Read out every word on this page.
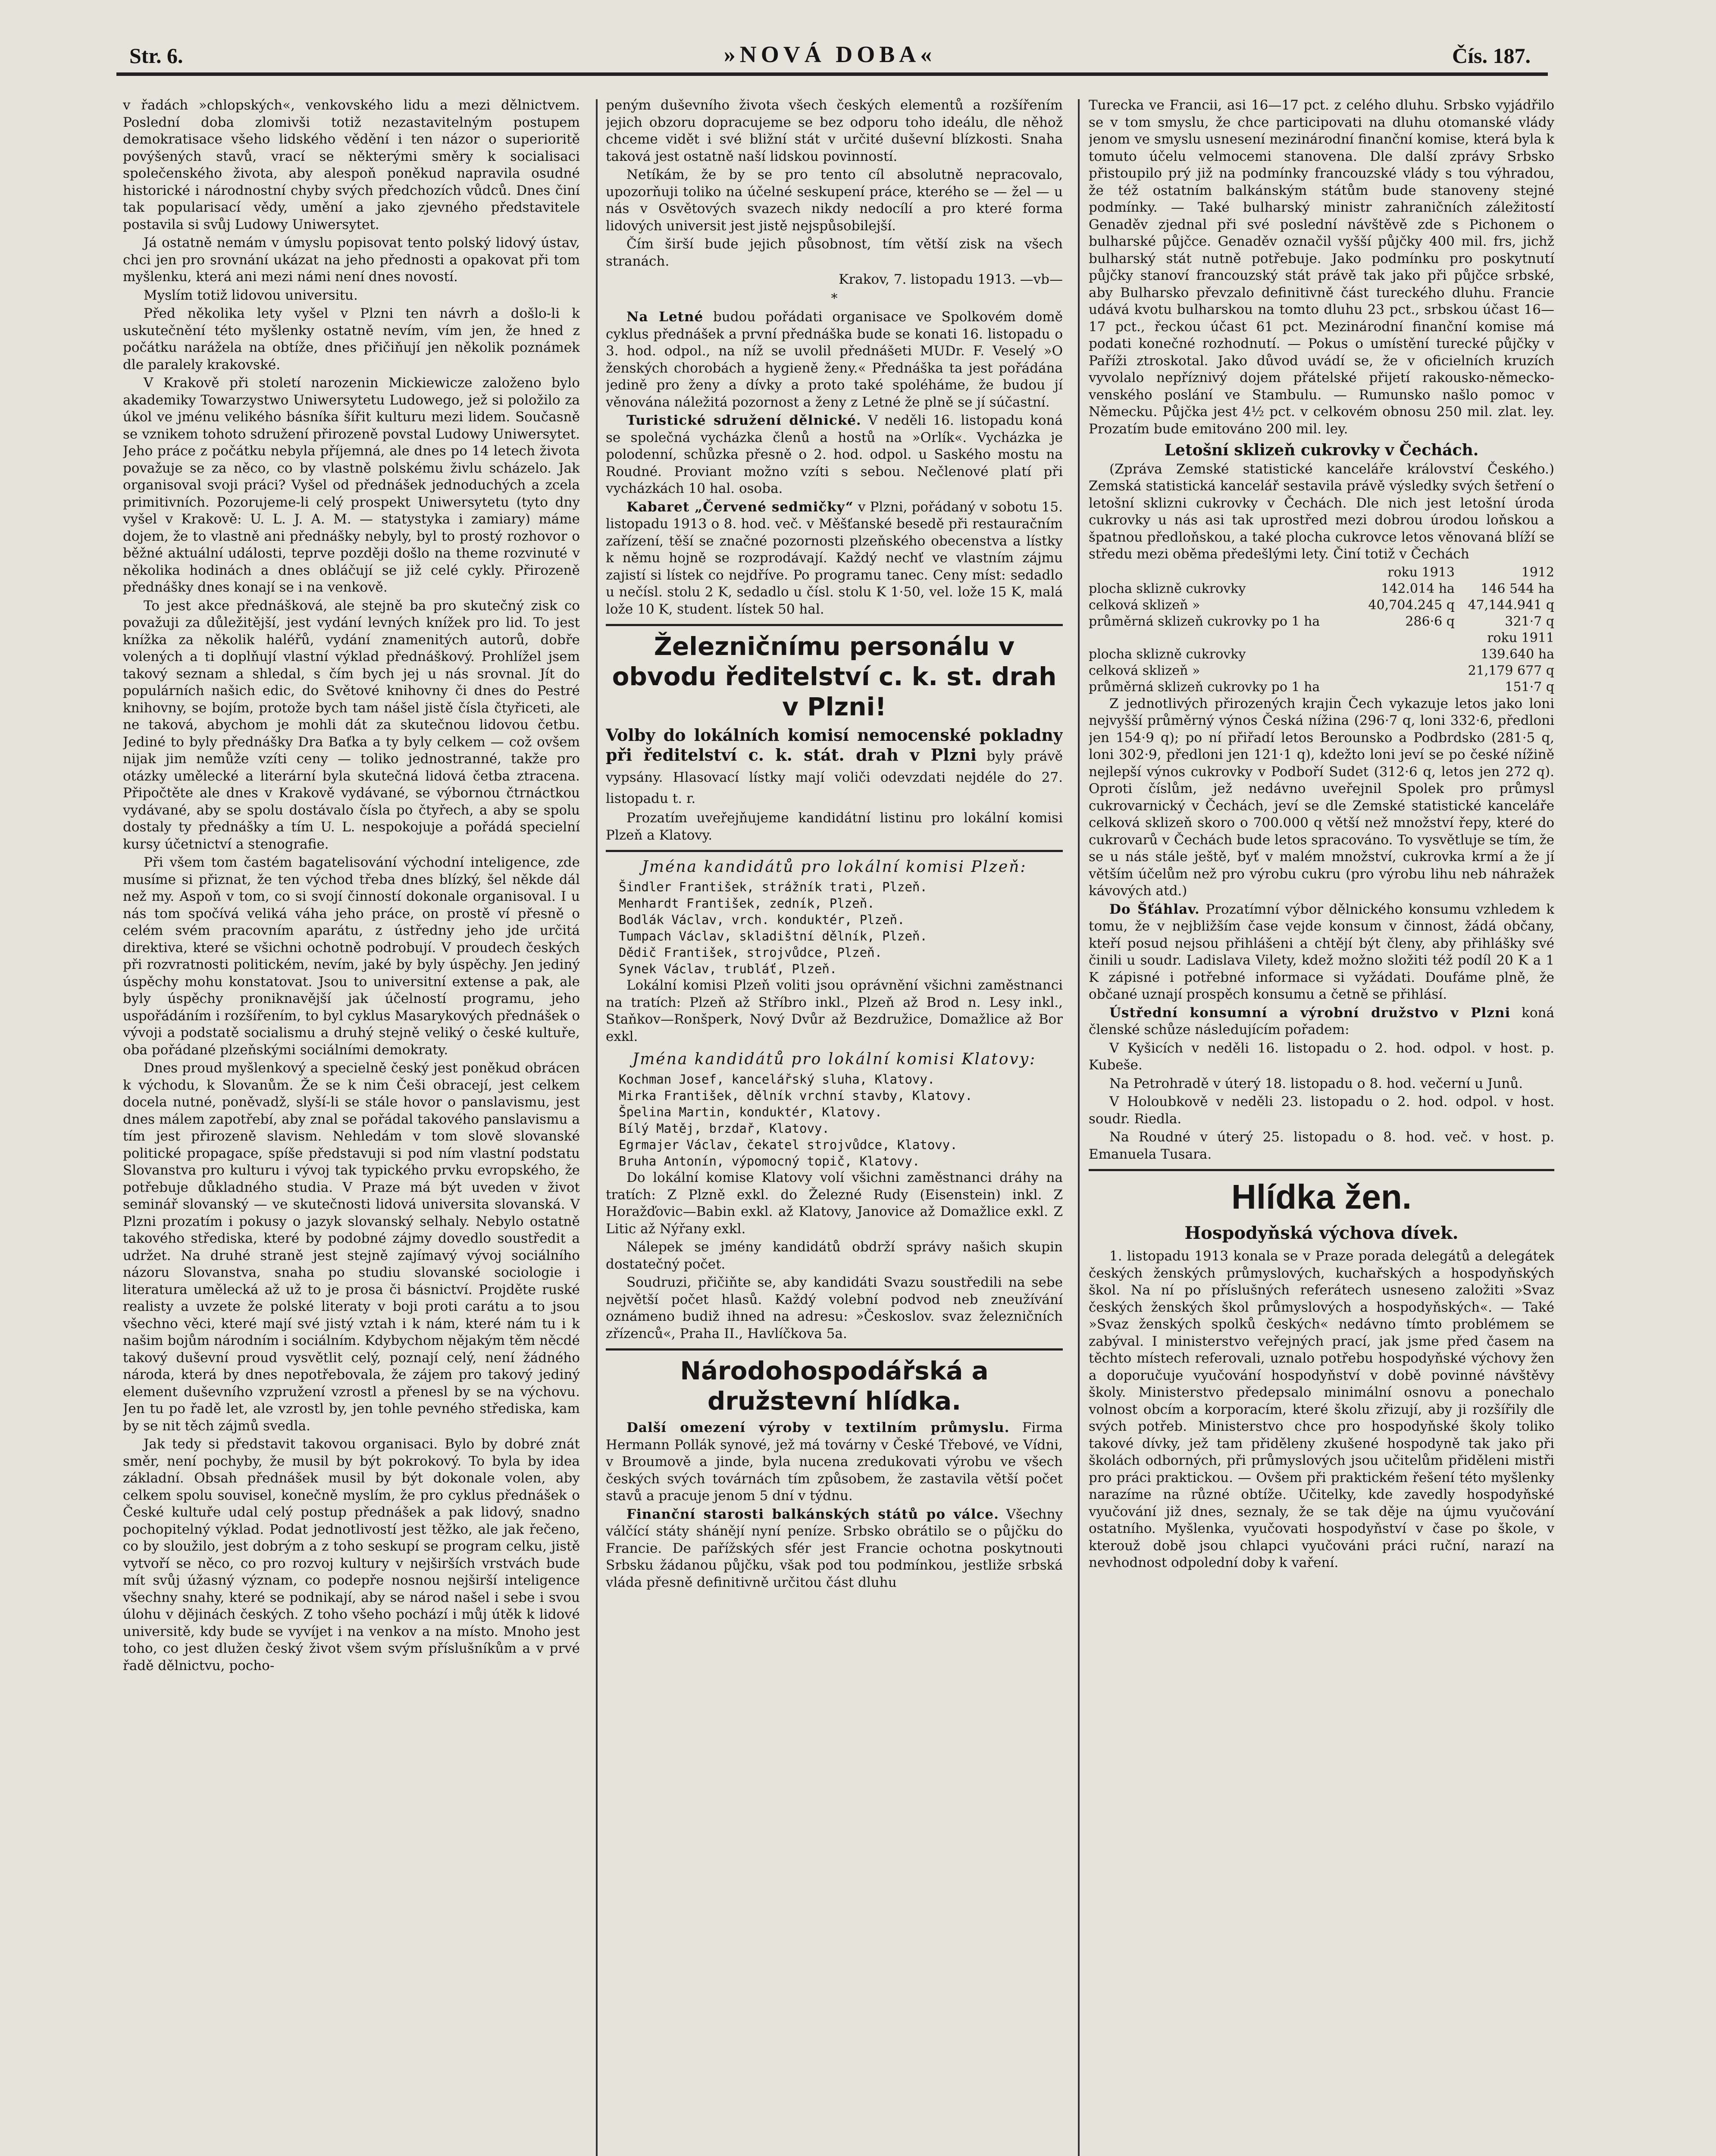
Str. 6.	»NOVÁ DOBA«	Čís. 187.

v řadách »chlopských«, venkovského lidu a mezi dělnictvem. Poslední doba zlomivši totiž nezastavitelným postupem demokratisace všeho lidského vědění i ten názor o superioritě povýšených stavů, vrací se některými směry k socialisaci společenského života, aby alespoň poněkud napravila osudné historické i národnostní chyby svých předchozích vůdců. Dnes činí tak popularisací vědy, umění a jako zjevného představitele postavila si svůj Ludowy Uniwersytet.

Já ostatně nemám v úmyslu popisovat tento polský lidový ústav, chci jen pro srovnání ukázat na jeho přednosti a opakovat při tom myšlenku, která ani mezi námi není dnes novostí.

Myslím totiž lidovou universitu.

Před několika lety vyšel v Plzni ten návrh a došlo-li k uskutečnění této myšlenky ostatně nevím, vím jen, že hned z počátku narážela na obtíže, dnes přičiňují jen několik poznámek dle paralely krakovské.

V Krakově při století narozenin Mickiewicze založeno bylo akademiky Towarzystwo Uniwersytetu Ludowego, jež si položilo za úkol ve jménu velikého básníka šířit kulturu mezi lidem. Současně se vznikem tohoto sdružení přirozeně povstal Ludowy Uniwersytet. Jeho práce z počátku nebyla příjemná, ale dnes po 14 letech života považuje se za něco, co by vlastně polskému živlu scházelo. Jak organisoval svoji práci? Vyšel od přednášek jednoduchých a zcela primitivních. Pozorujeme-li celý prospekt Uniwersytetu (tyto dny vyšel v Krakově: U. L. J. A. M. — statystyka i zamiary) máme dojem, že to vlastně ani přednášky nebyly, byl to prostý rozhovor o běžné aktuální události, teprve později došlo na theme rozvinuté v několika hodinách a dnes obláčují se již celé cykly. Přirozeně přednášky dnes konají se i na venkově.

To jest akce přednášková, ale stejně ba pro skutečný zisk co považuji za důležitější, jest vydání levných knížek pro lid. To jest knížka za několik haléřů, vydání znamenitých autorů, dobře volených a ti doplňují vlastní výklad přednáškový. Prohlížel jsem takový seznam a shledal, s čím bych jej u nás srovnal. Jít do populárních našich edic, do Světové knihovny či dnes do Pestré knihovny, se bojím, protože bych tam nášel jistě čísla čtyřiceti, ale ne taková, abychom je mohli dát za skutečnou lidovou četbu. Jediné to byly přednášky Dra Baťka a ty byly celkem — což ovšem nijak jim nemůže vzíti ceny — toliko jednostranné, takže pro otázky umělecké a literární byla skutečná lidová četba ztracena. Připočtěte ale dnes v Krakově vydávané, se výbornou čtrnáctkou vydávané, aby se spolu dostávalo čísla po čtyřech, a aby se spolu dostaly ty přednášky a tím U. L. nespokojuje a pořádá specielní kursy účetnictví a stenografie.

Při všem tom častém bagatelisování východní inteligence, zde musíme si přiznat, že ten východ třeba dnes blízký, šel někde dál než my. Aspoň v tom, co si svojí činností dokonale organisoval. I u nás tom spočívá veliká váha jeho práce, on prostě ví přesně o celém svém pracovním aparátu, z ústředny jeho jde určitá direktiva, které se všichni ochotně podrobují. V proudech českých při rozvratnosti politickém, nevím, jaké by byly úspěchy. Jen jediný úspěchy mohu konstatovat. Jsou to universitní extense a pak, ale byly úspěchy proniknavější jak účelností programu, jeho uspořádáním i rozšířením, to byl cyklus Masarykových přednášek o vývoji a podstatě socialismu a druhý stejně veliký o české kultuře, oba pořádané plzeňskými sociálními demokraty.

Dnes proud myšlenkový a specielně český jest poněkud obrácen k východu, k Slovanům. Že se k nim Češi obracejí, jest celkem docela nutné, poněvadž, slyší-li se stále hovor o panslavismu, jest dnes málem zapotřebí, aby znal se pořádal takového panslavismu a tím jest přirozeně slavism. Nehledám v tom slově slovanské politické propagace, spíše představuji si pod ním vlastní podstatu Slovanstva pro kulturu i vývoj tak typického prvku evropského, že potřebuje důkladného studia. V Praze má být uveden v život seminář slovanský — ve skutečnosti lidová universita slovanská. V Plzni prozatím i pokusy o jazyk slovanský selhaly. Nebylo ostatně takového střediska, které by podobné zájmy dovedlo soustředit a udržet. Na druhé straně jest stejně zajímavý vývoj sociálního názoru Slovanstva, snaha po studiu slovanské sociologie i literatura umělecká až už to je prosa či básnictví. Projděte ruské realisty a uvzete že polské literaty v boji proti carátu a to jsou všechno věci, které mají své jistý vztah i k nám, které nám tu i k našim bojům národním i sociálním. Kdybychom nějakým těm něcdé takový duševní proud vysvětlit celý, poznají celý, není žádného národa, která by dnes nepotřebovala, že zájem pro takový jediný element duševního vzpružení vzrostl a přenesl by se na výchovu. Jen tu po řadě let, ale vzrostl by, jen tohle pevného střediska, kam by se nit těch zájmů svedla.

Jak tedy si představit takovou organisaci. Bylo by dobré znát směr, není pochyby, že musil by být pokrokový. To byla by idea základní. Obsah přednášek musil by být dokonale volen, aby celkem spolu souvisel, konečně myslím, že pro cyklus přednášek o České kultuře udal celý postup přednášek a pak lidový, snadno pochopitelný výklad. Podat jednotlivostí jest těžko, ale jak řečeno, co by sloužilo, jest dobrým a z toho seskupí se program celku, jistě vytvoří se něco, co pro rozvoj kultury v nejširších vrstvách bude mít svůj úžasný význam, co podepře nosnou nejširší inteligence všechny snahy, které se podnikají, aby se národ našel i sebe i svou úlohu v dějinách českých. Z toho všeho pochází i můj útěk k lidové universitě, kdy bude se vyvíjet i na venkov a na místo. Mnoho jest toho, co jest dlužen český život všem svým příslušníkům a v prvé řadě dělnictvu, pocho-

peným duševního života všech českých elementů a rozšířením jejich obzoru dopracujeme se bez odporu toho ideálu, dle něhož chceme vidět i své bližní stát v určité duševní blízkosti. Snaha taková jest ostatně naší lidskou povinností.

Netíkám, že by se pro tento cíl absolutně nepracovalo, upozorňuji toliko na účelné seskupení práce, kterého se — žel — u nás v Osvětových svazech nikdy nedocílí a pro které forma lidových universit jest jistě nejspůsobilejší.

Čím širší bude jejich působnost, tím větší zisk na všech stranách.

Krakov, 7. listopadu 1913. —vb—

*

Na Letné budou pořádati organisace ve Spolkovém domě cyklus přednášek a první přednáška bude se konati 16. listopadu o 3. hod. odpol., na níž se uvolil přednášeti MUDr. F. Veselý »O ženských chorobách a hygieně ženy.« Přednáška ta jest pořádána jedině pro ženy a dívky a proto také spoléháme, že budou jí věnována náležitá pozornost a ženy z Letné že plně se jí súčastní.

Turistické sdružení dělnické. V neděli 16. listopadu koná se společná vycházka členů a hostů na »Orlík«. Vycházka je polodenní, schůzka přesně o 2. hod. odpol. u Saského mostu na Roudné. Proviant možno vzíti s sebou. Nečlenové platí při vycházkách 10 hal. osoba.

Kabaret „Červené sedmičky“ v Plzni, pořádaný v sobotu 15. listopadu 1913 o 8. hod. več. v Měšťanské besedě při restauračním zařízení, těší se značné pozornosti plzeňského obecenstva a lístky k němu hojně se rozprodávají. Každý nechť ve vlastním zájmu zajistí si lístek co nejdříve. Po programu tanec. Ceny míst: sedadlo u nečísl. stolu 2 K, sedadlo u čísl. stolu K 1·50, vel. lože 15 K, malá lože 10 K, student. lístek 50 hal.

Železničnímu personálu v obvodu ředitelství c. k. st. drah v Plzni!

Volby do lokálních komisí nemocenské pokladny při ředitelství c. k. stát. drah v Plzni byly právě vypsány. Hlasovací lístky mají voliči odevzdati nejdéle do 27. listopadu t. r.

Prozatím uveřejňujeme kandidátní listinu pro lokální komisi Plzeň a Klatovy.

Jména kandidátů pro lokální komisi Plzeň:
Šindler František, strážník trati, Plzeň.
Menhardt František, zedník, Plzeň.
Bodlák Václav, vrch. konduktér, Plzeň.
Tumpach Václav, skladištní dělník, Plzeň.
Dědič František, strojvůdce, Plzeň.
Synek Václav, trubláť, Plzeň.

Lokální komisi Plzeň voliti jsou oprávnění všichni zaměstnanci na tratích: Plzeň až Stříbro inkl., Plzeň až Brod n. Lesy inkl., Staňkov—Ronšperk, Nový Dvůr až Bezdružice, Domažlice až Bor exkl.

Jména kandidátů pro lokální komisi Klatovy:
Kochman Josef, kancelářský sluha, Klatovy.
Mirka František, dělník vrchní stavby, Klatovy.
Špelina Martin, konduktér, Klatovy.
Bílý Matěj, brzdař, Klatovy.
Egrmajer Václav, čekatel strojvůdce, Klatovy.
Bruha Antonín, výpomocný topič, Klatovy.

Do lokální komise Klatovy volí všichni zaměstnanci dráhy na tratích: Z Plzně exkl. do Železné Rudy (Eisenstein) inkl. Z Horažďovic—Babin exkl. až Klatovy, Janovice až Domažlice exkl. Z Litic až Nýřany exkl.

Nálepek se jmény kandidátů obdrží správy našich skupin dostatečný počet.

Soudruzi, přičiňte se, aby kandidáti Svazu soustředili na sebe největší počet hlasů. Každý volební podvod neb zneužívání oznámeno budiž ihned na adresu: »Českoslov. svaz železničních zřízenců«, Praha II., Havlíčkova 5a.

Národohospodářská a družstevní hlídka.

Další omezení výroby v textilním průmyslu. Firma Hermann Pollák synové, jež má továrny v České Třebové, ve Vídni, v Broumově a jinde, byla nucena zredukovati výrobu ve všech českých svých továrnách tím způsobem, že zastavila větší počet stavů a pracuje jenom 5 dní v týdnu.

Finanční starosti balkánských států po válce. Všechny válčící státy shánějí nyní peníze. Srbsko obrátilo se o půjčku do Francie. De pařížských sfér jest Francie ochotna poskytnouti Srbsku žádanou půjčku, však pod tou podmínkou, jestliže srbská vláda přesně definitivně určitou část dluhu

Turecka ve Francii, asi 16—17 pct. z celého dluhu. Srbsko vyjádřilo se v tom smyslu, že chce participovati na dluhu otomanské vlády jenom ve smyslu usnesení mezinárodní finanční komise, která byla k tomuto účelu velmocemi stanovena. Dle další zprávy Srbsko přistoupilo prý již na podmínky francouzské vlády s tou výhradou, že též ostatním balkánským státům bude stanoveny stejné podmínky. — Také bulharský ministr zahraničních záležitostí Genaděv zjednal při své poslední návštěvě zde s Pichonem o bulharské půjčce. Genaděv označil vyšší půjčky 400 mil. frs, jichž bulharský stát nutně potřebuje. Jako podmínku pro poskytnutí půjčky stanoví francouzský stát právě tak jako při půjčce srbské, aby Bulharsko převzalo definitivně část tureckého dluhu. Francie udává kvotu bulharskou na tomto dluhu 23 pct., srbskou účast 16—17 pct., řeckou účast 61 pct. Mezinárodní finanční komise má podati konečné rozhodnutí. — Pokus o umístění turecké půjčky v Paříži ztroskotal. Jako důvod uvádí se, že v oficielních kruzích vyvolalo nepříznivý dojem přátelské přijetí rakousko-německo-venského poslání ve Stambulu. — Rumunsko našlo pomoc v Německu. Půjčka jest 4½ pct. v celkovém obnosu 250 mil. zlat. ley. Prozatím bude emitováno 200 mil. ley.

Letošní sklizeň cukrovky v Čechách.

(Zpráva Zemské statistické kanceláře království Českého.) Zemská statistická kancelář sestavila právě výsledky svých šetření o letošní sklizni cukrovky v Čechách. Dle nich jest letošní úroda cukrovky u nás asi tak uprostřed mezi dobrou úrodou loňskou a špatnou předloňskou, a také plocha cukrovce letos věnovaná blíží se středu mezi oběma předešlými lety. Činí totiž v Čechách

	roku 1913	1912
plocha sklizně cukrovky	142.014 ha	146 544 ha
celková sklizeň »	40,704.245 q	47,144.941 q
průměrná sklizeň cukrovky po 1 ha	286·6 q	321·7 q
	roku 1911
plocha sklizně cukrovky	139.640 ha
celková sklizeň »	21,179 677 q
průměrná sklizeň cukrovky po 1 ha	151·7 q

Z jednotlivých přirozených krajin Čech vykazuje letos jako loni nejvyšší průměrný výnos Česká nížina (296·7 q, loni 332·6, předloni jen 154·9 q); po ní přiřadí letos Berounsko a Podbrdsko (281·5 q, loni 302·9, předloni jen 121·1 q), kdežto loni jeví se po české nížině nejlepší výnos cukrovky v Podboří Sudet (312·6 q, letos jen 272 q). Oproti číslům, jež nedávno uveřejnil Spolek pro průmysl cukrovarnický v Čechách, jeví se dle Zemské statistické kanceláře celková sklizeň skoro o 700.000 q větší než množství řepy, které do cukrovarů v Čechách bude letos spracováno. To vysvětluje se tím, že se u nás stále ještě, byť v malém množství, cukrovka krmí a že jí větším účelům než pro výrobu cukru (pro výrobu lihu neb náhražek kávových atd.)

Do Šťáhlav. Prozatímní výbor dělnického konsumu vzhledem k tomu, že v nejbližším čase vejde konsum v činnost, žádá občany, kteří posud nejsou přihlášeni a chtějí být členy, aby přihlášky své činili u soudr. Ladislava Vilety, kdež možno složiti též podíl 20 K a 1 K zápisné i potřebné informace si vyžádati. Doufáme plně, že občané uznají prospěch konsumu a četně se přihlásí.

Ústřední konsumní a výrobní družstvo v Plzni koná členské schůze následujícím pořadem:

V Kyšicích v neděli 16. listopadu o 2. hod. odpol. v host. p. Kubeše.

Na Petrohradě v úterý 18. listopadu o 8. hod. večerní u Junů.

V Holoubkově v neděli 23. listopadu o 2. hod. odpol. v host. soudr. Riedla.

Na Roudné v úterý 25. listopadu o 8. hod. več. v host. p. Emanuela Tusara.

Hlídka žen.
Hospodyňská výchova dívek.

1. listopadu 1913 konala se v Praze porada delegátů a delegátek českých ženských průmyslových, kuchařských a hospodyňských škol. Na ní po příslušných referátech usneseno založiti »Svaz českých ženských škol průmyslových a hospodyňských«. — Také »Svaz ženských spolků českých« nedávno tímto problémem se zabýval. I ministerstvo veřejných prací, jak jsme před časem na těchto místech referovali, uznalo potřebu hospodyňské výchovy žen a doporučuje vyučování hospodyňství v době povinné návštěvy školy. Ministerstvo předepsalo minimální osnovu a ponechalo volnost obcím a korporacím, které školu zřizují, aby ji rozšířily dle svých potřeb. Ministerstvo chce pro hospodyňské školy toliko takové dívky, jež tam přiděleny zkušené hospodyně tak jako při školách odborných, při průmyslových jsou učitelům přiděleni mistři pro práci praktickou. — Ovšem při praktickém řešení této myšlenky narazíme na různé obtíže. Učitelky, kde zavedly hospodyňské vyučování již dnes, seznaly, že se tak děje na újmu vyučování ostatního. Myšlenka, vyučovati hospodyňství v čase po škole, v kterouž době jsou chlapci vyučováni práci ruční, narazí na nevhodnost odpolední doby k vaření.
